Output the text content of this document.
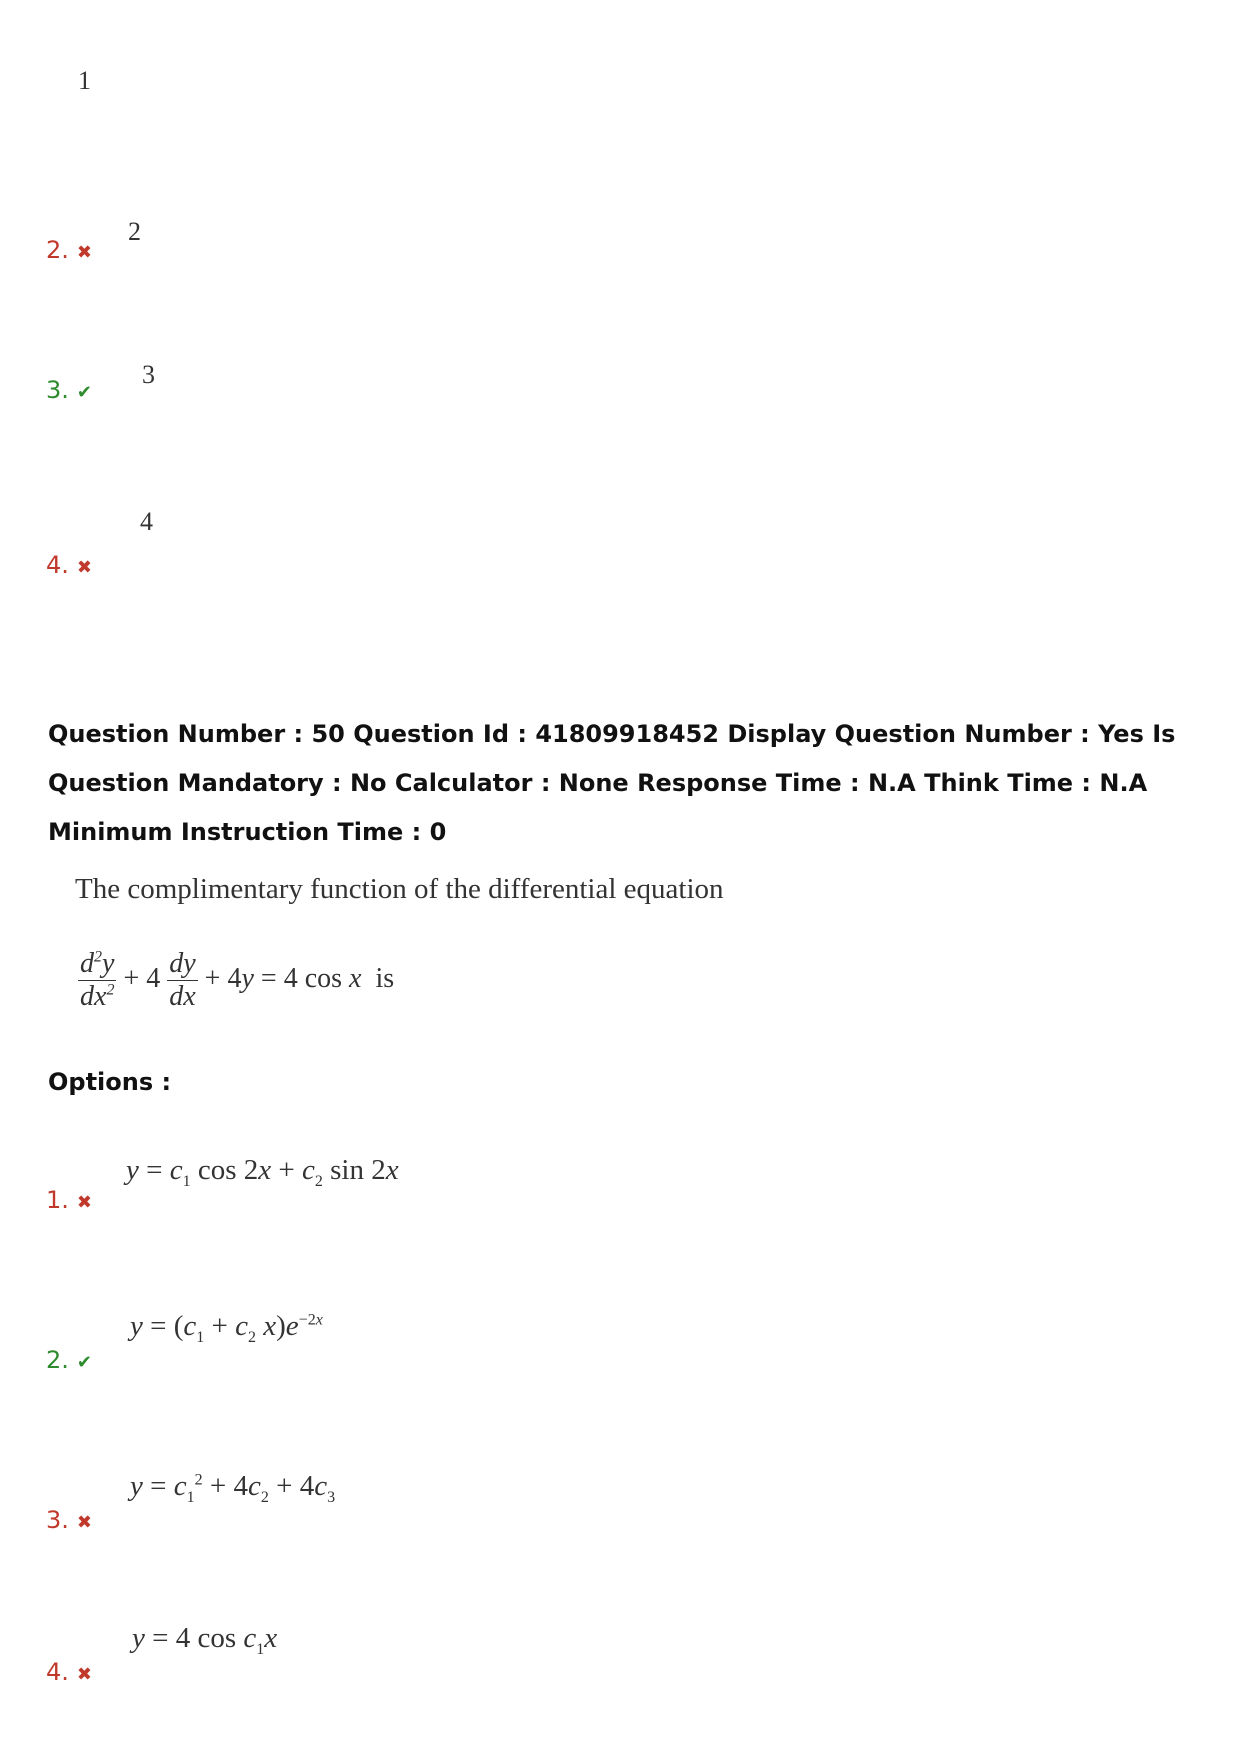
1
2. ✖
2
3. ✔
3
4. ✖
4
Question Number : 50 Question Id : 41809918452 Display Question Number : Yes Is Question Mandatory : No Calculator : None Response Time : N.A Think Time : N.A Minimum Instruction Time : 0
The complimentary function of the differential equation
$\frac{d^2y}{dx^2} + 4 \frac{dy}{dx} + 4y = 4$ cos x is
Options :
$y = c_1$ $\cos 2x + c_2$ sin 2x
1. ✖
$y = (c_1 + c_2$ $x)e^{-2x}$
2. ✔
$y = c_1^2 + 4c_2 + 4c_3$
3. ✖
y = 4 $\cos c_1x$
4. ✖
